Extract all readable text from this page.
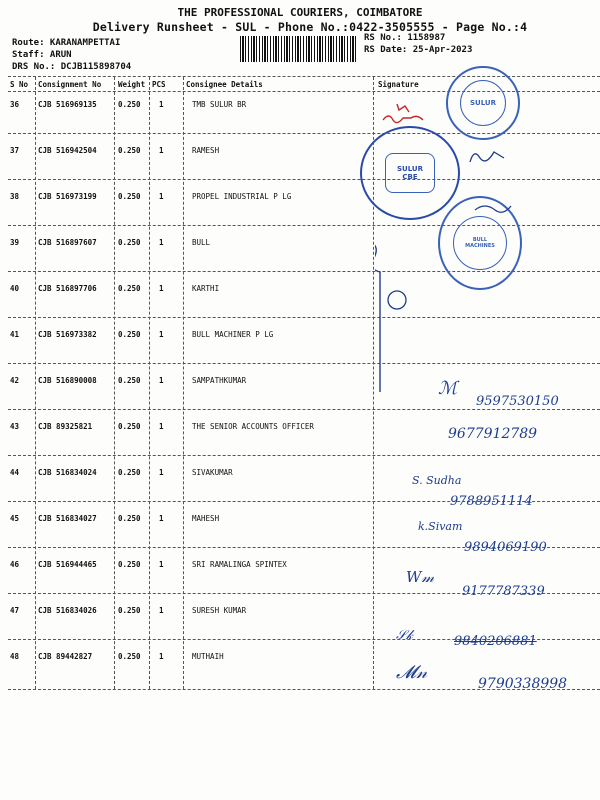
THE PROFESSIONAL COURIERS, COIMBATORE
Delivery Runsheet - SUL - Phone No.:0422-3505555 - Page No.:4
Route: KARANAMPETTAI
Staff: ARUN
DRS No.: DCJB115898704
RS No.: 1158987
RS Date: 25-Apr-2023
S No Consignment No Weight PCS	Consignee Details	Signature
36	CJB 516969135	0.250 1	TMB SULUR BR
37	CJB 516942504	0.250 1	RAMESH
38	CJB 516973199	0.250 1	PROPEL INDUSTRIAL P LG
39	CJB 516897607	0.250 1	BULL
40	CJB 516897706	0.250 1	KARTHI
41	CJB 516973382	0.250 1	BULL MACHINER P LG
42	CJB 516890008	0.250 1	SAMPATHKUMAR
43	CJB 89325821	0.250 1	THE SENIOR ACCOUNTS OFFICER
44	CJB 516834024	0.250 1	SIVAKUMAR
45	CJB 516834027	0.250 1	MAHESH
46	CJB 516944465	0.250 1	SRI RAMALINGA SPINTEX
47	CJB 516834026	0.250 1	SURESH KUMAR
48	CJB 89442827	0.250 1	MUTHAIH
SULUR
SULUR CBE
BULL MACHINES
ℳ
9597530150
9677912789
S. Sudha
9788951114
k.Sivam
9894069190
W𝓂
9177787339
𝒮𝓀	9840206881
𝓜𝓃
9790338998
